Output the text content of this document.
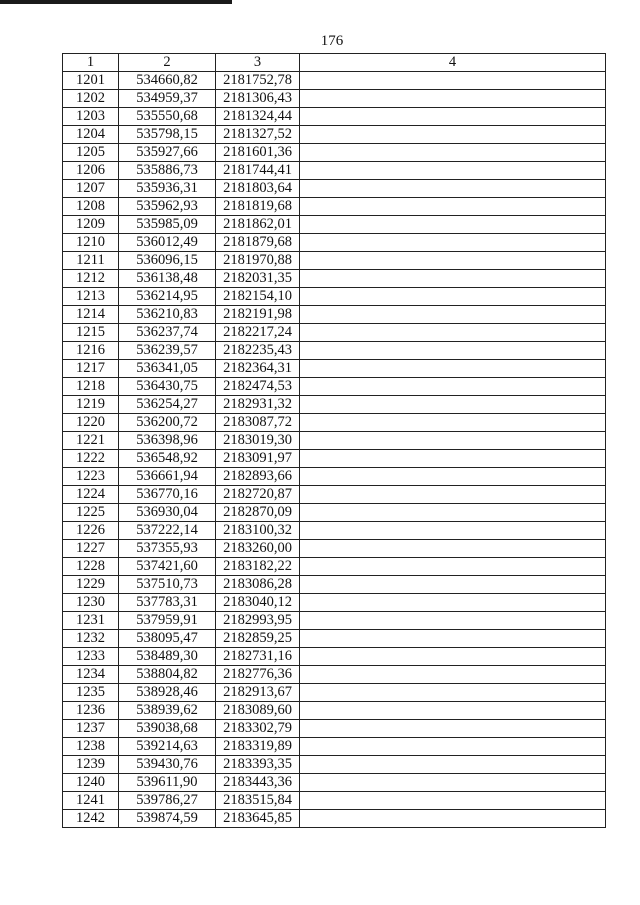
176
1	2	3	4
1201	534660,82	2181752,78	
1202	534959,37	2181306,43	
1203	535550,68	2181324,44	
1204	535798,15	2181327,52	
1205	535927,66	2181601,36	
1206	535886,73	2181744,41	
1207	535936,31	2181803,64	
1208	535962,93	2181819,68	
1209	535985,09	2181862,01	
1210	536012,49	2181879,68	
1211	536096,15	2181970,88	
1212	536138,48	2182031,35	
1213	536214,95	2182154,10	
1214	536210,83	2182191,98	
1215	536237,74	2182217,24	
1216	536239,57	2182235,43	
1217	536341,05	2182364,31	
1218	536430,75	2182474,53	
1219	536254,27	2182931,32	
1220	536200,72	2183087,72	
1221	536398,96	2183019,30	
1222	536548,92	2183091,97	
1223	536661,94	2182893,66	
1224	536770,16	2182720,87	
1225	536930,04	2182870,09	
1226	537222,14	2183100,32	
1227	537355,93	2183260,00	
1228	537421,60	2183182,22	
1229	537510,73	2183086,28	
1230	537783,31	2183040,12	
1231	537959,91	2182993,95	
1232	538095,47	2182859,25	
1233	538489,30	2182731,16	
1234	538804,82	2182776,36	
1235	538928,46	2182913,67	
1236	538939,62	2183089,60	
1237	539038,68	2183302,79	
1238	539214,63	2183319,89	
1239	539430,76	2183393,35	
1240	539611,90	2183443,36	
1241	539786,27	2183515,84	
1242	539874,59	2183645,85	
